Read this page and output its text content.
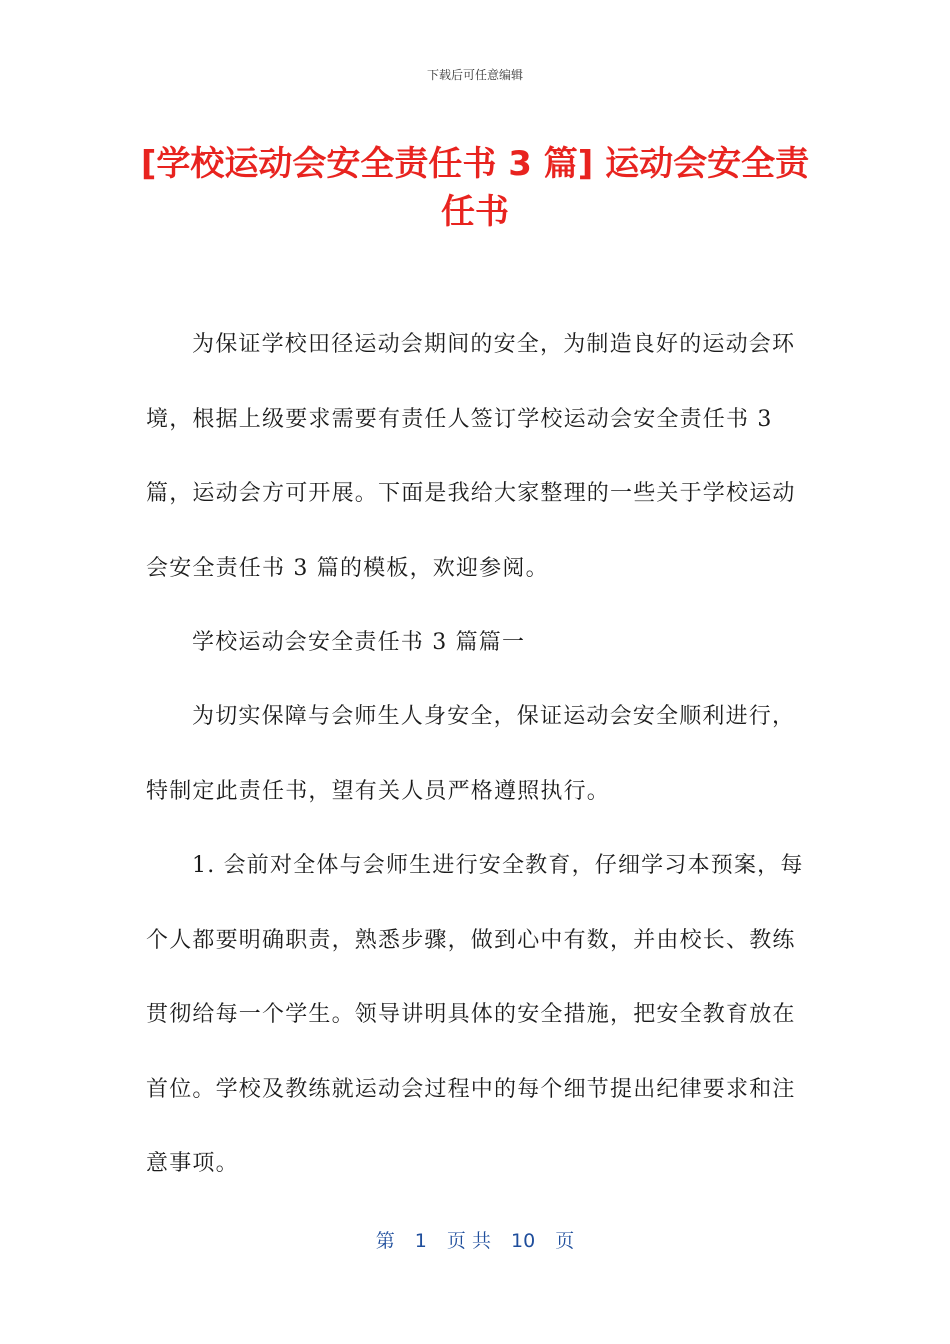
下载后可任意编辑
[学校运动会安全责任书 3 篇] 运动会安全责任书

为保证学校田径运动会期间的安全，为制造良好的运动会环境，根据上级要求需要有责任人签订学校运动会安全责任书 3 篇，运动会方可开展。下面是我给大家整理的一些关于学校运动会安全责任书 3 篇的模板，欢迎参阅。

学校运动会安全责任书 3 篇篇一

为切实保障与会师生人身安全，保证运动会安全顺利进行，特制定此责任书，望有关人员严格遵照执行。

1. 会前对全体与会师生进行安全教育，仔细学习本预案，每个人都要明确职责，熟悉步骤，做到心中有数，并由校长、教练贯彻给每一个学生。领导讲明具体的安全措施，把安全教育放在首位。学校及教练就运动会过程中的每个细节提出纪律要求和注意事项。

第 1 页 共 10 页
